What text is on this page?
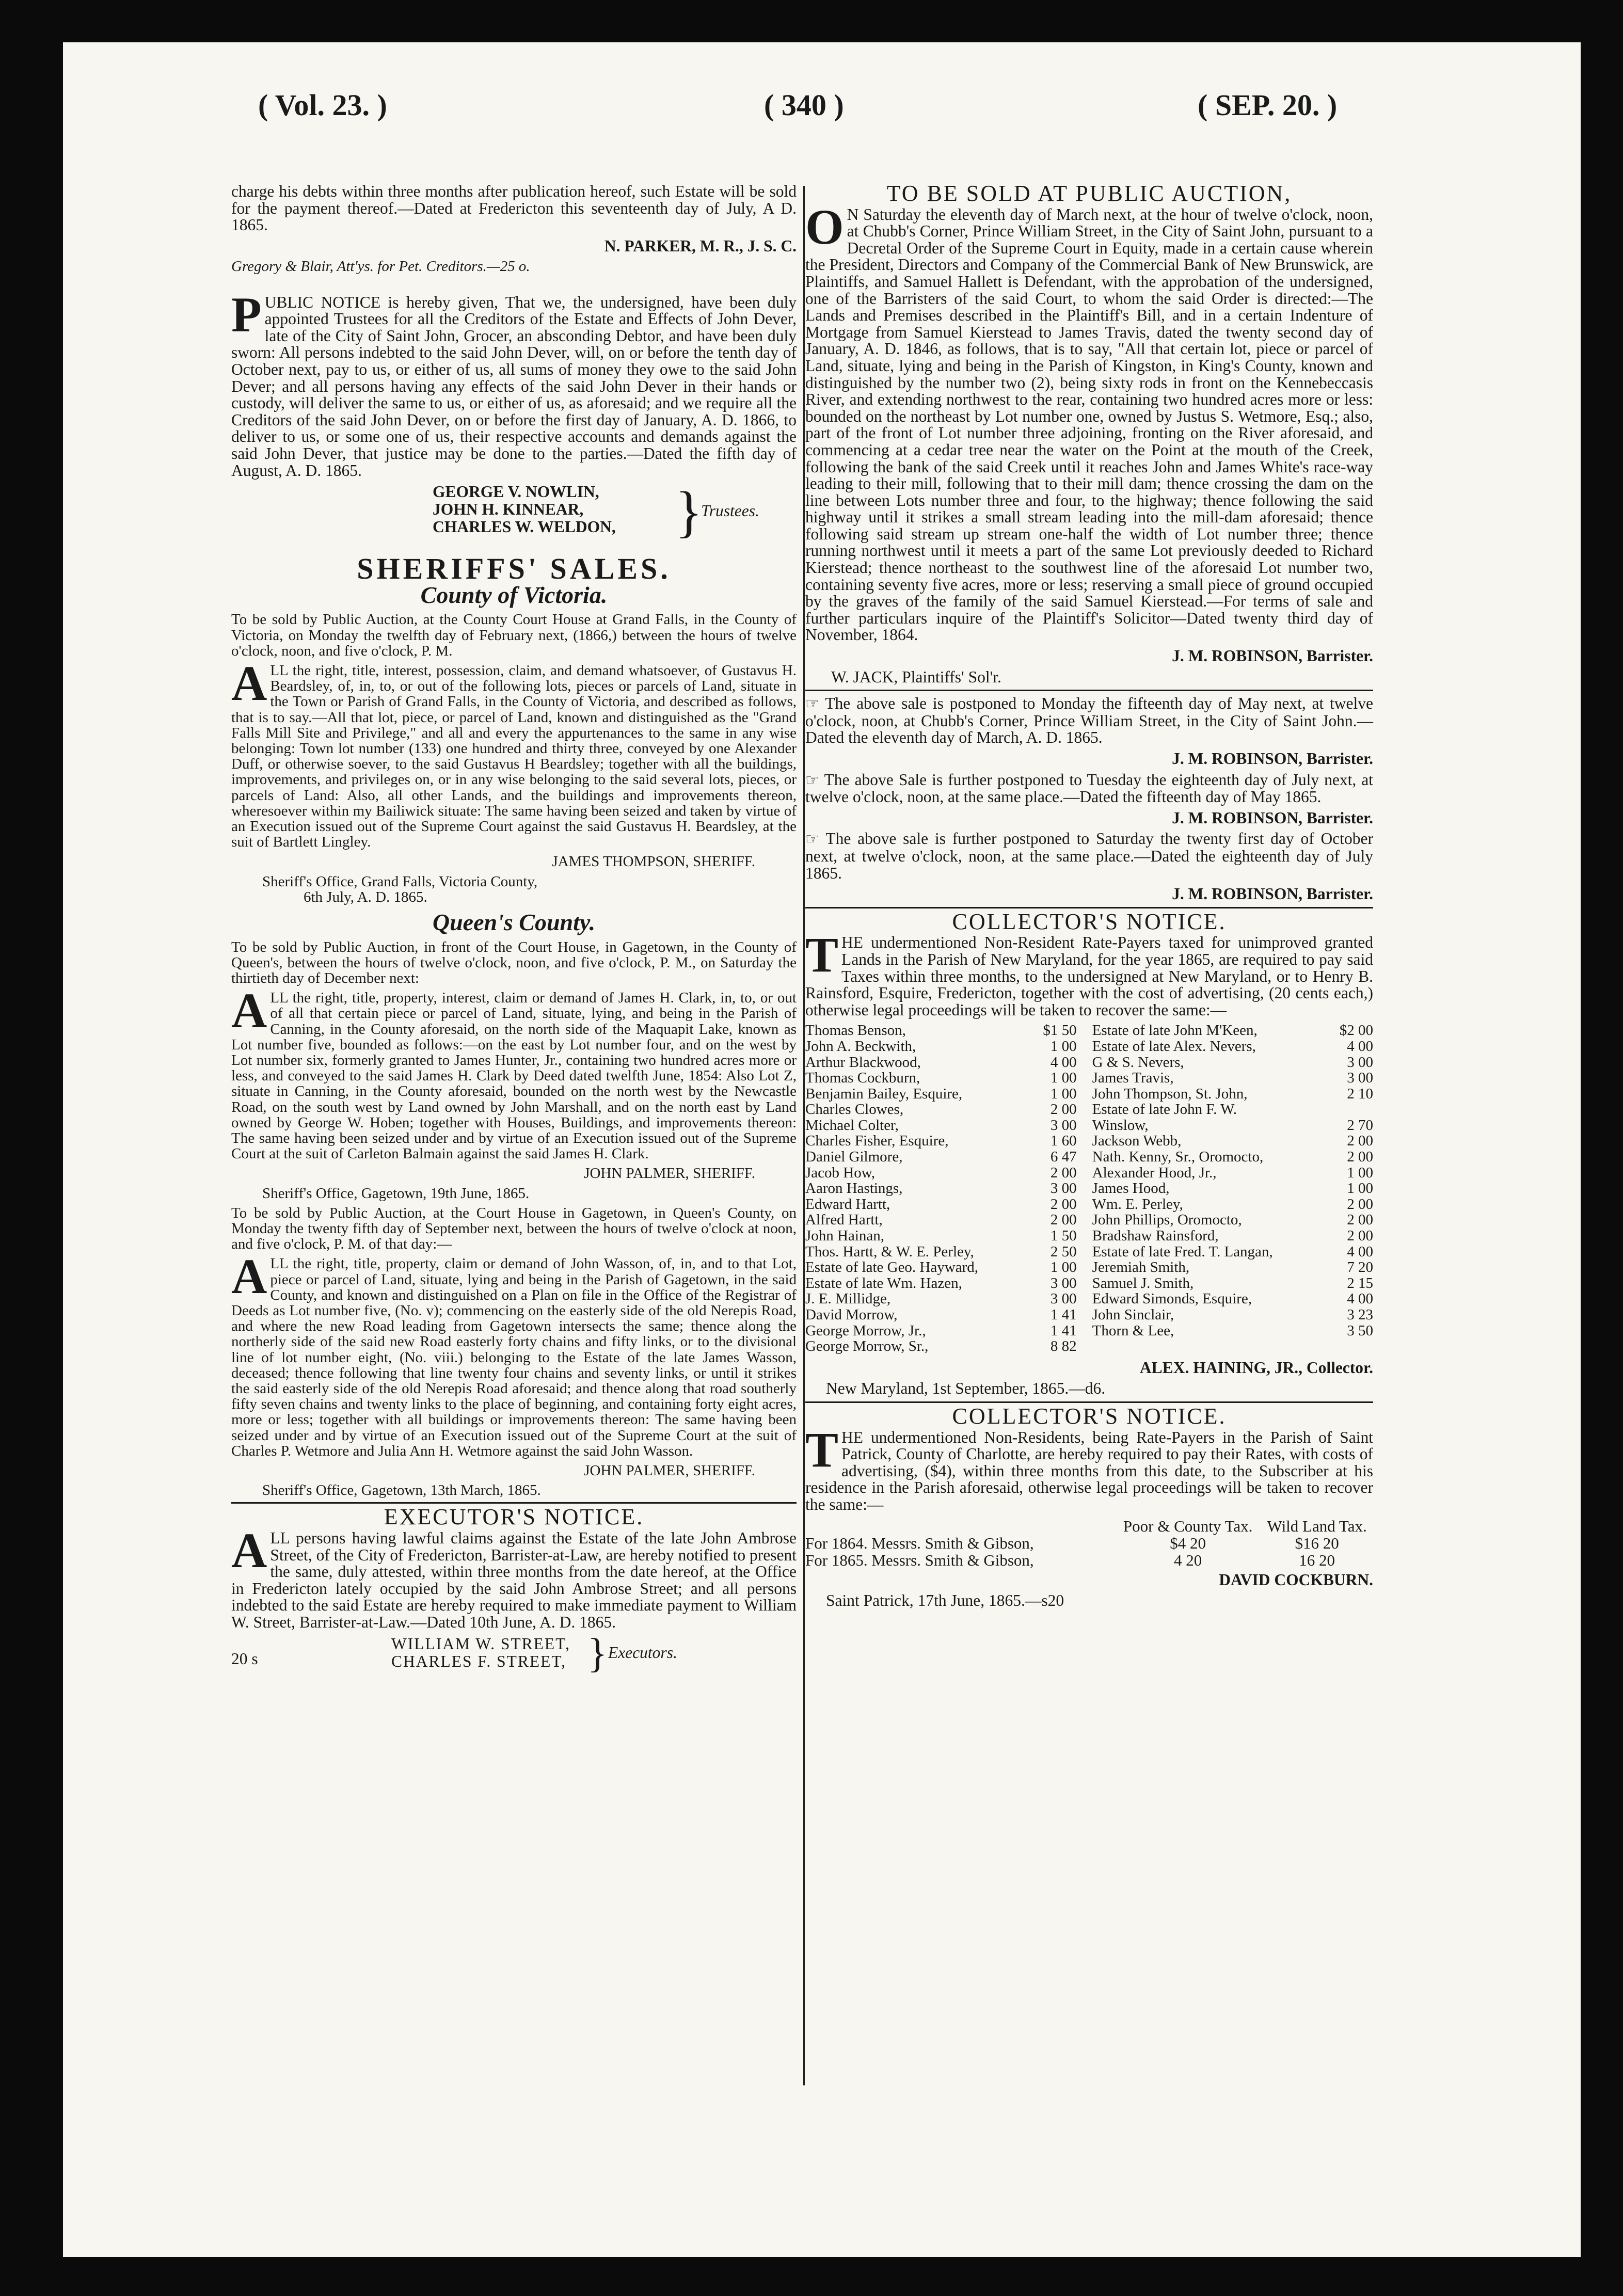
( Vol. 23. )	( 340 )	( SEP. 20. )

charge his debts within three months after publication hereof, such Estate will be sold for the payment thereof.—Dated at Fredericton this seventeenth day of July, A D. 1865.

N. PARKER, M. R., J. S. C.

Gregory & Blair, Att'ys. for Pet. Creditors.—25 o.

PUBLIC NOTICE is hereby given, That we, the undersigned, have been duly appointed Trustees for all the Creditors of the Estate and Effects of John Dever, late of the City of Saint John, Grocer, an absconding Debtor, and have been duly sworn: All persons indebted to the said John Dever, will, on or before the tenth day of October next, pay to us, or either of us, all sums of money they owe to the said John Dever; and all persons having any effects of the said John Dever in their hands or custody, will deliver the same to us, or either of us, as aforesaid; and we require all the Creditors of the said John Dever, on or before the first day of January, A. D. 1866, to deliver to us, or some one of us, their respective accounts and demands against the said John Dever, that justice may be done to the parties.—Dated the fifth day of August, A. D. 1865.

GEORGE V. NOWLIN,
JOHN H. KINNEAR,
CHARLES W. WELDON,	}
Trustees.
SHERIFFS' SALES.
County of Victoria.

To be sold by Public Auction, at the County Court House at Grand Falls, in the County of Victoria, on Monday the twelfth day of February next, (1866,) between the hours of twelve o'clock, noon, and five o'clock, P. M.

ALL the right, title, interest, possession, claim, and demand whatsoever, of Gustavus H. Beardsley, of, in, to, or out of the following lots, pieces or parcels of Land, situate in the Town or Parish of Grand Falls, in the County of Victoria, and described as follows, that is to say.—All that lot, piece, or parcel of Land, known and distinguished as the "Grand Falls Mill Site and Privilege," and all and every the appurtenances to the same in any wise belonging: Town lot number (133) one hundred and thirty three, conveyed by one Alexander Duff, or otherwise soever, to the said Gustavus H Beardsley; together with all the buildings, improvements, and privileges on, or in any wise belonging to the said several lots, pieces, or parcels of Land: Also, all other Lands, and the buildings and improvements thereon, wheresoever within my Bailiwick situate: The same having been seized and taken by virtue of an Execution issued out of the Supreme Court against the said Gustavus H. Beardsley, at the suit of Bartlett Lingley.

JAMES THOMPSON, SHERIFF.

Sheriff's Office, Grand Falls, Victoria County,

6th July, A. D. 1865.

Queen's County.

To be sold by Public Auction, in front of the Court House, in Gagetown, in the County of Queen's, between the hours of twelve o'clock, noon, and five o'clock, P. M., on Saturday the thirtieth day of December next:

ALL the right, title, property, interest, claim or demand of James H. Clark, in, to, or out of all that certain piece or parcel of Land, situate, lying, and being in the Parish of Canning, in the County aforesaid, on the north side of the Maquapit Lake, known as Lot number five, bounded as follows:—on the east by Lot number four, and on the west by Lot number six, formerly granted to James Hunter, Jr., containing two hundred acres more or less, and conveyed to the said James H. Clark by Deed dated twelfth June, 1854: Also Lot Z, situate in Canning, in the County aforesaid, bounded on the north west by the Newcastle Road, on the south west by Land owned by John Marshall, and on the north east by Land owned by George W. Hoben; together with Houses, Buildings, and improvements thereon: The same having been seized under and by virtue of an Execution issued out of the Supreme Court at the suit of Carleton Balmain against the said James H. Clark.

JOHN PALMER, SHERIFF.

Sheriff's Office, Gagetown, 19th June, 1865.

To be sold by Public Auction, at the Court House in Gagetown, in Queen's County, on Monday the twenty fifth day of September next, between the hours of twelve o'clock at noon, and five o'clock, P. M. of that day:—

ALL the right, title, property, claim or demand of John Wasson, of, in, and to that Lot, piece or parcel of Land, situate, lying and being in the Parish of Gagetown, in the said County, and known and distinguished on a Plan on file in the Office of the Registrar of Deeds as Lot number five, (No. v); commencing on the easterly side of the old Nerepis Road, and where the new Road leading from Gagetown intersects the same; thence along the northerly side of the said new Road easterly forty chains and fifty links, or to the divisional line of lot number eight, (No. viii.) belonging to the Estate of the late James Wasson, deceased; thence following that line twenty four chains and seventy links, or until it strikes the said easterly side of the old Nerepis Road aforesaid; and thence along that road southerly fifty seven chains and twenty links to the place of beginning, and containing forty eight acres, more or less; together with all buildings or improvements thereon: The same having been seized under and by virtue of an Execution issued out of the Supreme Court at the suit of Charles P. Wetmore and Julia Ann H. Wetmore against the said John Wasson.

JOHN PALMER, SHERIFF.

Sheriff's Office, Gagetown, 13th March, 1865.

EXECUTOR'S NOTICE.

ALL persons having lawful claims against the Estate of the late John Ambrose Street, of the City of Fredericton, Barrister-at-Law, are hereby notified to present the same, duly attested, within three months from the date hereof, at the Office in Fredericton lately occupied by the said John Ambrose Street; and all persons indebted to the said Estate are hereby required to make immediate payment to William W. Street, Barrister-at-Law.—Dated 10th June, A. D. 1865.

20 s
WILLIAM W. STREET,
CHARLES F. STREET, } Executors.
TO BE SOLD AT PUBLIC AUCTION,

ON Saturday the eleventh day of March next, at the hour of twelve o'clock, noon, at Chubb's Corner, Prince William Street, in the City of Saint John, pursuant to a Decretal Order of the Supreme Court in Equity, made in a certain cause wherein the President, Directors and Company of the Commercial Bank of New Brunswick, are Plaintiffs, and Samuel Hallett is Defendant, with the approbation of the undersigned, one of the Barristers of the said Court, to whom the said Order is directed:—The Lands and Premises described in the Plaintiff's Bill, and in a certain Indenture of Mortgage from Samuel Kierstead to James Travis, dated the twenty second day of January, A. D. 1846, as follows, that is to say, "All that certain lot, piece or parcel of Land, situate, lying and being in the Parish of Kingston, in King's County, known and distinguished by the number two (2), being sixty rods in front on the Kennebeccasis River, and extending northwest to the rear, containing two hundred acres more or less: bounded on the northeast by Lot number one, owned by Justus S. Wetmore, Esq.; also, part of the front of Lot number three adjoining, fronting on the River aforesaid, and commencing at a cedar tree near the water on the Point at the mouth of the Creek, following the bank of the said Creek until it reaches John and James White's race-way leading to their mill, following that to their mill dam; thence crossing the dam on the line between Lots number three and four, to the highway; thence following the said highway until it strikes a small stream leading into the mill-dam aforesaid; thence following said stream up stream one-half the width of Lot number three; thence running northwest until it meets a part of the same Lot previously deeded to Richard Kierstead; thence northeast to the southwest line of the aforesaid Lot number two, containing seventy five acres, more or less; reserving a small piece of ground occupied by the graves of the family of the said Samuel Kierstead.—For terms of sale and further particulars inquire of the Plaintiff's Solicitor—Dated twenty third day of November, 1864.

J. M. ROBINSON, Barrister.

W. JACK, Plaintiffs' Sol'r.

☞ The above sale is postponed to Monday the fifteenth day of May next, at twelve o'clock, noon, at Chubb's Corner, Prince William Street, in the City of Saint John.—Dated the eleventh day of March, A. D. 1865.

J. M. ROBINSON, Barrister.

☞ The above Sale is further postponed to Tuesday the eighteenth day of July next, at twelve o'clock, noon, at the same place.—Dated the fifteenth day of May 1865.

J. M. ROBINSON, Barrister.

☞ The above sale is further postponed to Saturday the twenty first day of October next, at twelve o'clock, noon, at the same place.—Dated the eighteenth day of July 1865.

J. M. ROBINSON, Barrister.

COLLECTOR'S NOTICE.

THE undermentioned Non-Resident Rate-Payers taxed for unimproved granted Lands in the Parish of New Maryland, for the year 1865, are required to pay said Taxes within three months, to the undersigned at New Maryland, or to Henry B. Rainsford, Esquire, Fredericton, together with the cost of advertising, (20 cents each,) otherwise legal proceedings will be taken to recover the same:—

Thomas Benson,	$1 50		Estate of late John M'Keen,	$2 00
John A. Beckwith,	1 00		Estate of late Alex. Nevers,	4 00
Arthur Blackwood,	4 00		G & S. Nevers,	3 00
Thomas Cockburn,	1 00		James Travis,	3 00
Benjamin Bailey, Esquire,	1 00		John Thompson, St. John,	2 10
Charles Clowes,	2 00		Estate of late John F. W.	
Michael Colter,	3 00		Winslow,	2 70
Charles Fisher, Esquire,	1 60		Jackson Webb,	2 00
Daniel Gilmore,	6 47		Nath. Kenny, Sr., Oromocto,	2 00
Jacob How,	2 00		Alexander Hood, Jr.,	1 00
Aaron Hastings,	3 00		James Hood,	1 00
Edward Hartt,	2 00		Wm. E. Perley,	2 00
Alfred Hartt,	2 00		John Phillips, Oromocto,	2 00
John Hainan,	1 50		Bradshaw Rainsford,	2 00
Thos. Hartt, & W. E. Perley,	2 50		Estate of late Fred. T. Langan,	4 00
Estate of late Geo. Hayward,	1 00		Jeremiah Smith,	7 20
Estate of late Wm. Hazen,	3 00		Samuel J. Smith,	2 15
J. E. Millidge,	3 00		Edward Simonds, Esquire,	4 00
David Morrow,	1 41		John Sinclair,	3 23
George Morrow, Jr.,	1 41		Thorn & Lee,	3 50
George Morrow, Sr.,	8 82			

ALEX. HAINING, JR., Collector.

New Maryland, 1st September, 1865.—d6.

COLLECTOR'S NOTICE.

THE undermentioned Non-Residents, being Rate-Payers in the Parish of Saint Patrick, County of Charlotte, are hereby required to pay their Rates, with costs of advertising, ($4), within three months from this date, to the Subscriber at his residence in the Parish aforesaid, otherwise legal proceedings will be taken to recover the same:—

	Poor & County Tax.	Wild Land Tax.
For 1864. Messrs. Smith & Gibson,	$4 20	$16 20
For 1865. Messrs. Smith & Gibson,	4 20	16 20

DAVID COCKBURN.

Saint Patrick, 17th June, 1865.—s20
